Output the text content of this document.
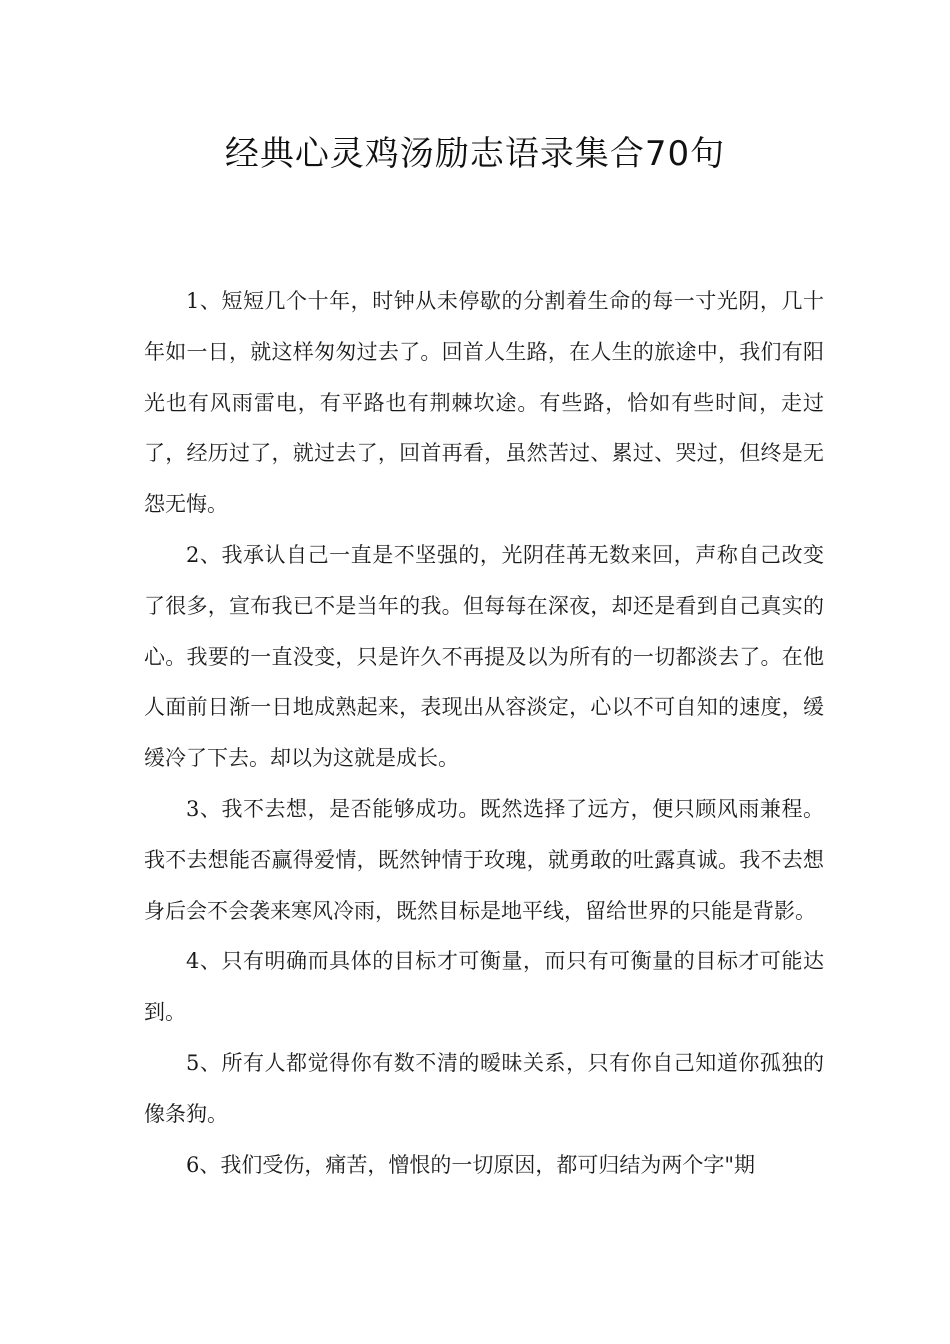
经典心灵鸡汤励志语录集合70句

1、短短几个十年，时钟从未停歇的分割着生命的每一寸光阴，几十年如一日，就这样匆匆过去了。回首人生路，在人生的旅途中，我们有阳光也有风雨雷电，有平路也有荆棘坎途。有些路，恰如有些时间，走过了，经历过了，就过去了，回首再看，虽然苦过、累过、哭过，但终是无怨无悔。

2、我承认自己一直是不坚强的，光阴荏苒无数来回，声称自己改变了很多，宣布我已不是当年的我。但每每在深夜，却还是看到自己真实的心。我要的一直没变，只是许久不再提及以为所有的一切都淡去了。在他人面前日渐一日地成熟起来，表现出从容淡定，心以不可自知的速度，缓缓冷了下去。却以为这就是成长。

3、我不去想，是否能够成功。既然选择了远方，便只顾风雨兼程。我不去想能否赢得爱情，既然钟情于玫瑰，就勇敢的吐露真诚。我不去想身后会不会袭来寒风冷雨，既然目标是地平线，留给世界的只能是背影。

4、只有明确而具体的目标才可衡量，而只有可衡量的目标才可能达到。

5、所有人都觉得你有数不清的暧昧关系，只有你自己知道你孤独的像条狗。

6、我们受伤，痛苦，憎恨的一切原因，都可归结为两个字"期
